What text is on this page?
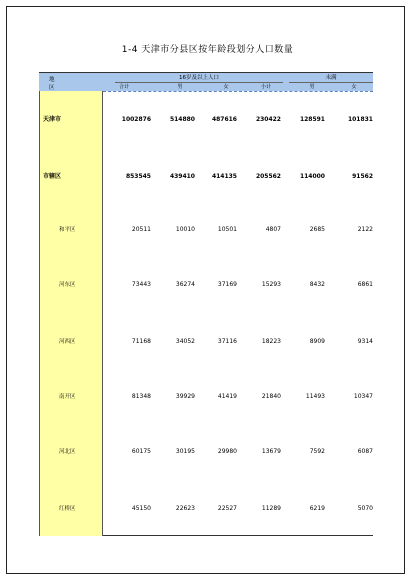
1-4 天津市分县区按年龄段划分人口数量
地 区
16岁及以上人口	未满
合计	男	女	小计	男	女
天津市	1002876	514880	487616	230422	128591	101831
市辖区	853545	439410	414135	205562	114000	91562
和平区	20511	10010	10501	4807	2685	2122
河东区	73443	36274	37169	15293	8432	6861
河西区	71168	34052	37116	18223	8909	9314
南开区	81348	39929	41419	21840	11493	10347
河北区	60175	30195	29980	13679	7592	6087
红桥区	45150	22623	22527	11289	6219	5070
